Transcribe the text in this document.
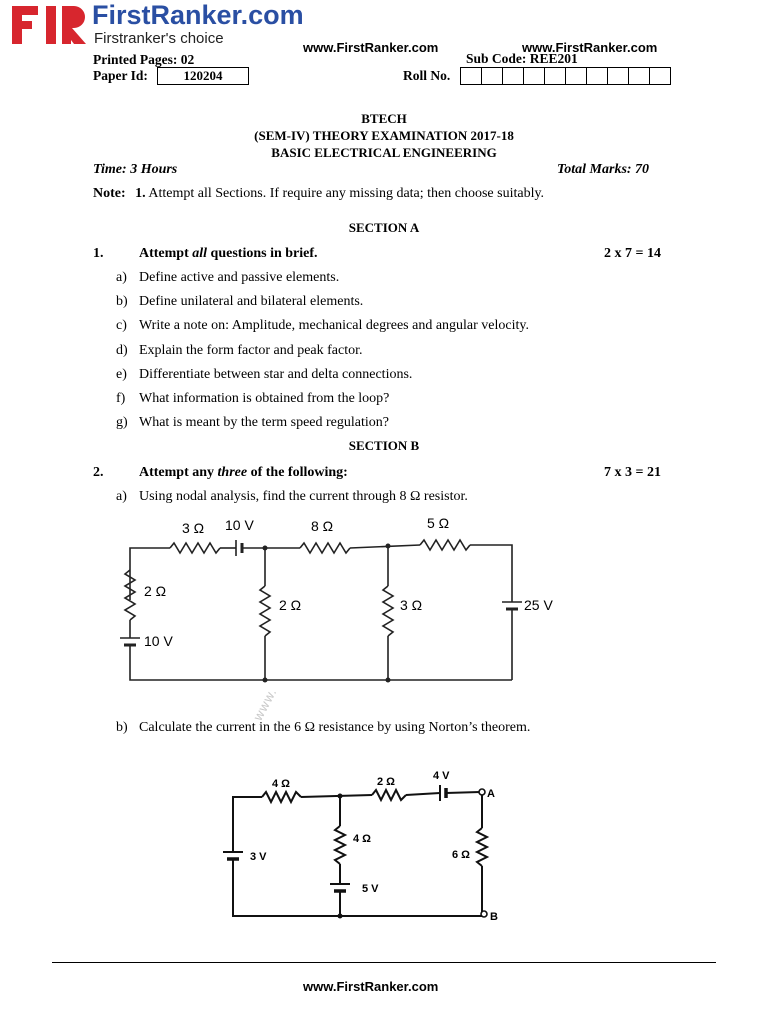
FirstRanker.com
Firstranker's choice
www.FirstRanker.com	www.FirstRanker.com
Printed Pages: 02	Sub Code: REE201
Paper Id:	120204	Roll No.
BTECH
(SEM-IV) THEORY EXAMINATION 2017-18
BASIC ELECTRICAL ENGINEERING
Time: 3 Hours	Total Marks: 70
Note: 1. Attempt all Sections. If require any missing data; then choose suitably.
SECTION A
1.	Attempt all questions in brief.	2 x 7 = 14
a) Define active and passive elements.
b) Define unilateral and bilateral elements.
c) Write a note on: Amplitude, mechanical degrees and angular velocity.
d) Explain the form factor and peak factor.
e) Differentiate between star and delta connections.
f) What information is obtained from the loop?
g) What is meant by the term speed regulation?
SECTION B
2.	Attempt any three of the following:	7 x 3 = 21
a) Using nodal analysis, find the current through 8 Ω resistor.
3 Ω 10 V	8 Ω	5 Ω
2 Ω
10 V
2 Ω	3 Ω	25 V
4 Ω	2 Ω	4 V
A
B
3 V
4 Ω
5 V
6 Ω
www.
b) Calculate the current in the 6 Ω resistance by using Norton’s theorem.
www.FirstRanker.com
